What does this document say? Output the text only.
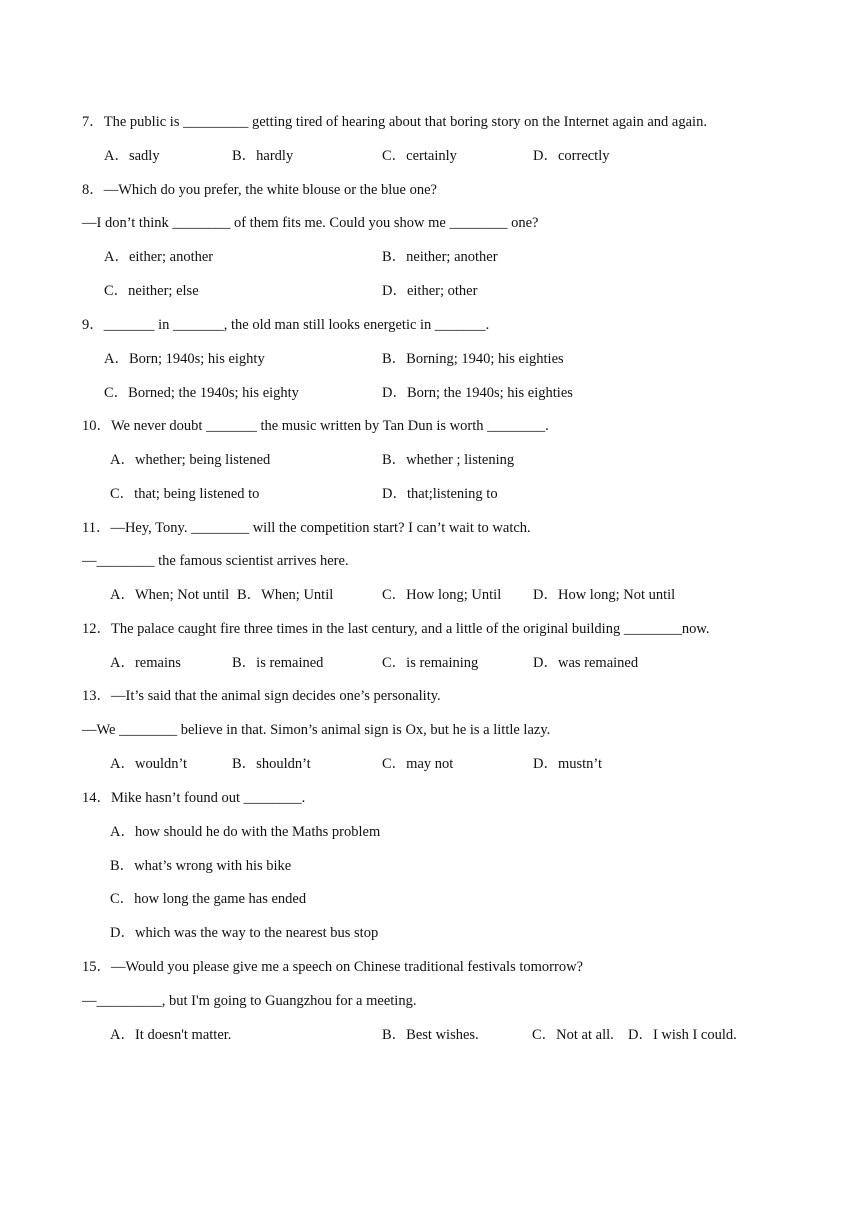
7．The public is _________ getting tired of hearing about that boring story on the Internet again and again.
A．sadly	B．hardly	C．certainly	D．correctly
8．—Which do you prefer, the white blouse or the blue one?
—I don’t think ________ of them fits me. Could you show me ________ one?
A．either; another	B．neither; another
C．neither; else	D．either; other
9．_______ in _______, the old man still looks energetic in _______.
A．Born; 1940s; his eighty	B．Borning; 1940; his eighties
C．Borned; the 1940s; his eighty	D．Born; the 1940s; his eighties
10．We never doubt _______ the music written by Tan Dun is worth ________.
A．whether; being listened	B．whether ; listening
C．that; being listened to	D．that;listening to
11．—Hey, Tony. ________ will the competition start? I can’t wait to watch.
—________ the famous scientist arrives here.
A．When; Not until B．When; Until	C．How long; Until D．How long; Not until
12．The palace caught fire three times in the last century, and a little of the original building ________now.
A．remains	B．is remained	C．is remaining	D．was remained
13．—It’s said that the animal sign decides one’s personality.
—We ________ believe in that. Simon’s animal sign is Ox, but he is a little lazy.
A．wouldn’t	B．shouldn’t	C．may not	D．mustn’t
14．Mike hasn’t found out ________.
A．how should he do with the Maths problem
B．what’s wrong with his bike
C．how long the game has ended
D．which was the way to the nearest bus stop
15．—Would you please give me a speech on Chinese traditional festivals tomorrow?
—_________, but I'm going to Guangzhou for a meeting.
A．It doesn't matter.	B．Best wishes.	C．Not at all. D．I wish I could.
